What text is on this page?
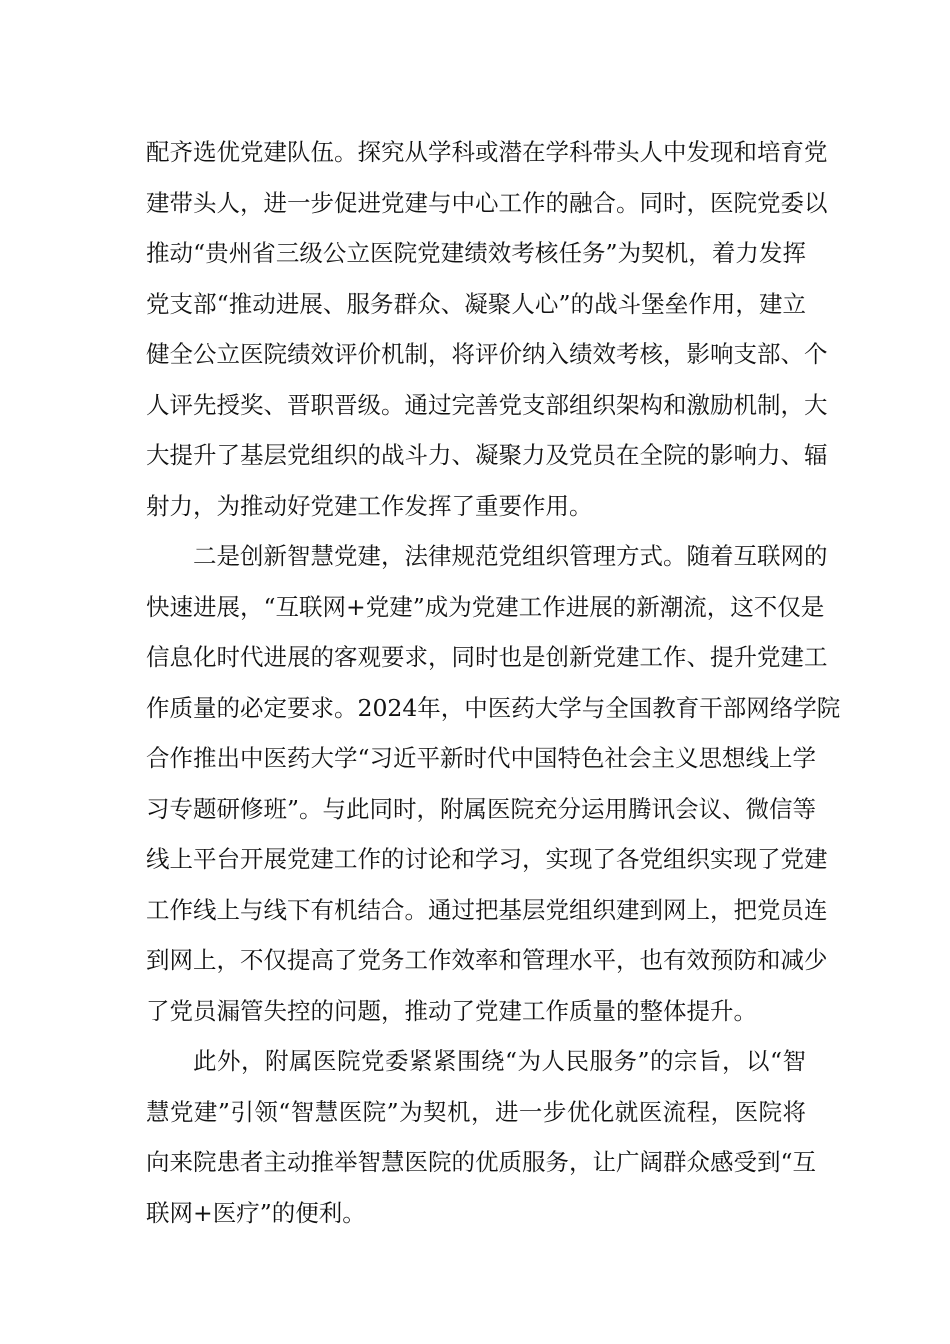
配齐选优党建队伍。探究从学科或潜在学科带头人中发现和培育党
建带头人，进一步促进党建与中心工作的融合。同时，医院党委以
推动“贵州省三级公立医院党建绩效考核任务”为契机，着力发挥
党支部“推动进展、服务群众、凝聚人心”的战斗堡垒作用，建立
健全公立医院绩效评价机制，将评价纳入绩效考核，影响支部、个
人评先授奖、晋职晋级。通过完善党支部组织架构和激励机制，大
大提升了基层党组织的战斗力、凝聚力及党员在全院的影响力、辐
射力，为推动好党建工作发挥了重要作用。
二是创新智慧党建，法律规范党组织管理方式。随着互联网的
快速进展，“互联网+党建”成为党建工作进展的新潮流，这不仅是
信息化时代进展的客观要求，同时也是创新党建工作、提升党建工
作质量的必定要求。2024年，中医药大学与全国教育干部网络学院
合作推出中医药大学“习近平新时代中国特色社会主义思想线上学
习专题研修班”。与此同时，附属医院充分运用腾讯会议、微信等
线上平台开展党建工作的讨论和学习，实现了各党组织实现了党建
工作线上与线下有机结合。通过把基层党组织建到网上，把党员连
到网上，不仅提高了党务工作效率和管理水平，也有效预防和减少
了党员漏管失控的问题，推动了党建工作质量的整体提升。
此外，附属医院党委紧紧围绕“为人民服务”的宗旨，以“智
慧党建”引领“智慧医院”为契机，进一步优化就医流程，医院将
向来院患者主动推举智慧医院的优质服务，让广阔群众感受到“互
联网+医疗”的便利。
